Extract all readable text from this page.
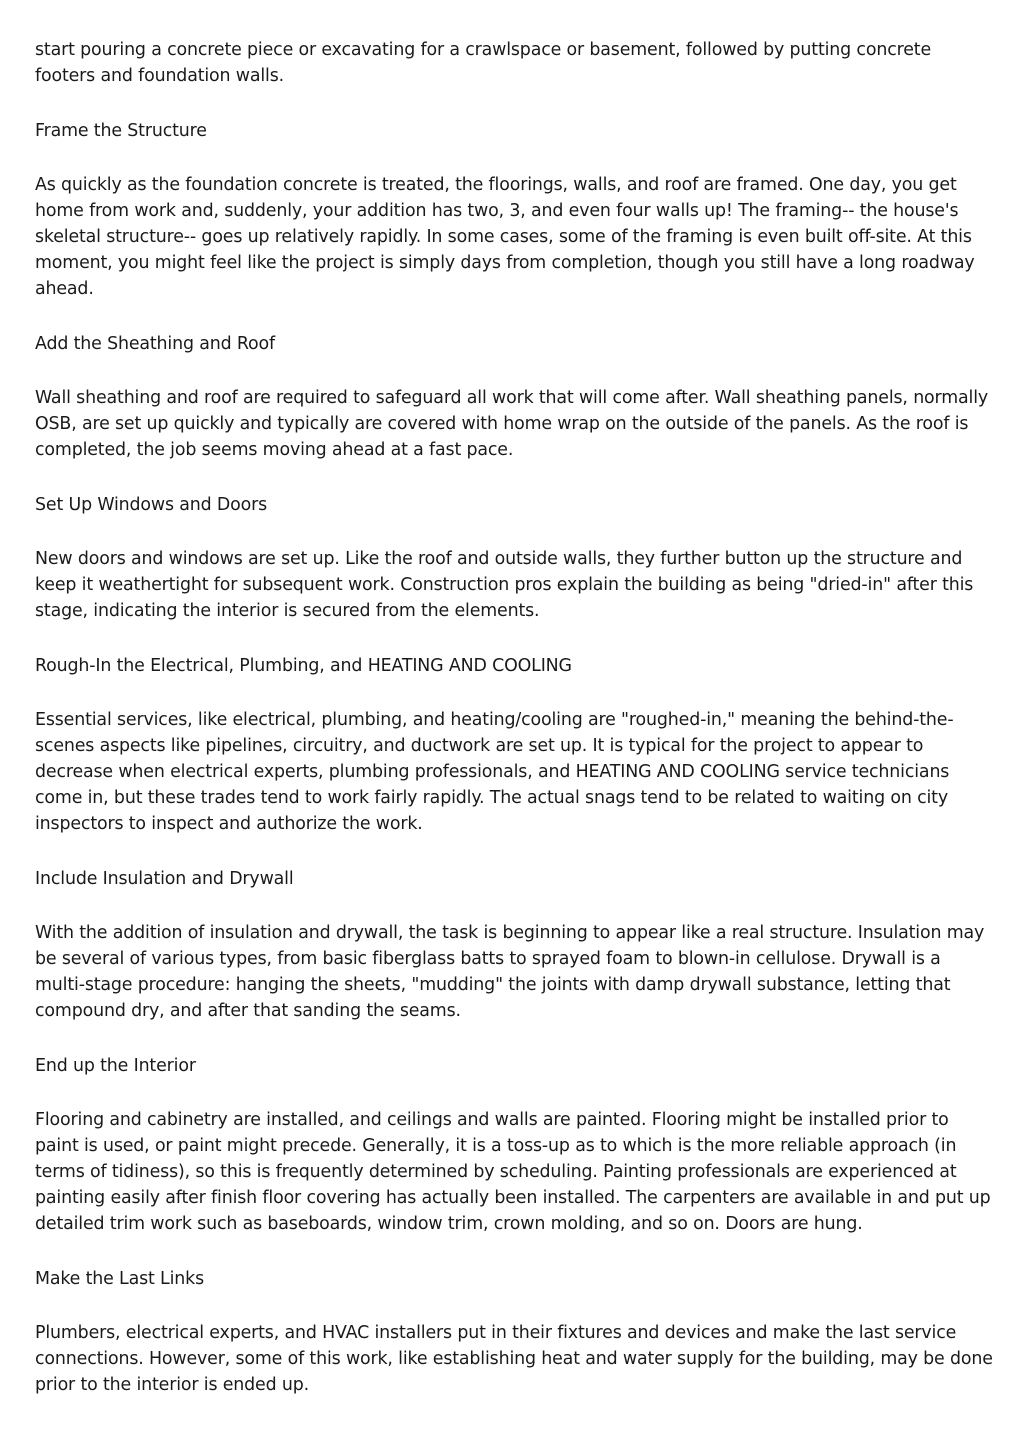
start pouring a concrete piece or excavating for a crawlspace or basement, followed by putting concrete footers and foundation walls.

Frame the Structure

As quickly as the foundation concrete is treated, the floorings, walls, and roof are framed. One day, you get home from work and, suddenly, your addition has two, 3, and even four walls up! The framing-- the house's skeletal structure-- goes up relatively rapidly. In some cases, some of the framing is even built off-site. At this moment, you might feel like the project is simply days from completion, though you still have a long roadway ahead.

Add the Sheathing and Roof

Wall sheathing and roof are required to safeguard all work that will come after. Wall sheathing panels, normally OSB, are set up quickly and typically are covered with home wrap on the outside of the panels. As the roof is completed, the job seems moving ahead at a fast pace.

Set Up Windows and Doors

New doors and windows are set up. Like the roof and outside walls, they further button up the structure and keep it weathertight for subsequent work. Construction pros explain the building as being "dried-in" after this stage, indicating the interior is secured from the elements.

Rough-In the Electrical, Plumbing, and HEATING AND COOLING

Essential services, like electrical, plumbing, and heating/cooling are "roughed-in," meaning the behind-the-scenes aspects like pipelines, circuitry, and ductwork are set up. It is typical for the project to appear to decrease when electrical experts, plumbing professionals, and HEATING AND COOLING service technicians come in, but these trades tend to work fairly rapidly. The actual snags tend to be related to waiting on city inspectors to inspect and authorize the work.

Include Insulation and Drywall

With the addition of insulation and drywall, the task is beginning to appear like a real structure. Insulation may be several of various types, from basic fiberglass batts to sprayed foam to blown-in cellulose. Drywall is a multi-stage procedure: hanging the sheets, "mudding" the joints with damp drywall substance, letting that compound dry, and after that sanding the seams.

End up the Interior

Flooring and cabinetry are installed, and ceilings and walls are painted. Flooring might be installed prior to paint is used, or paint might precede. Generally, it is a toss-up as to which is the more reliable approach (in terms of tidiness), so this is frequently determined by scheduling. Painting professionals are experienced at painting easily after finish floor covering has actually been installed. The carpenters are available in and put up detailed trim work such as baseboards, window trim, crown molding, and so on. Doors are hung.

Make the Last Links

Plumbers, electrical experts, and HVAC installers put in their fixtures and devices and make the last service connections. However, some of this work, like establishing heat and water supply for the building, may be done prior to the interior is ended up.
